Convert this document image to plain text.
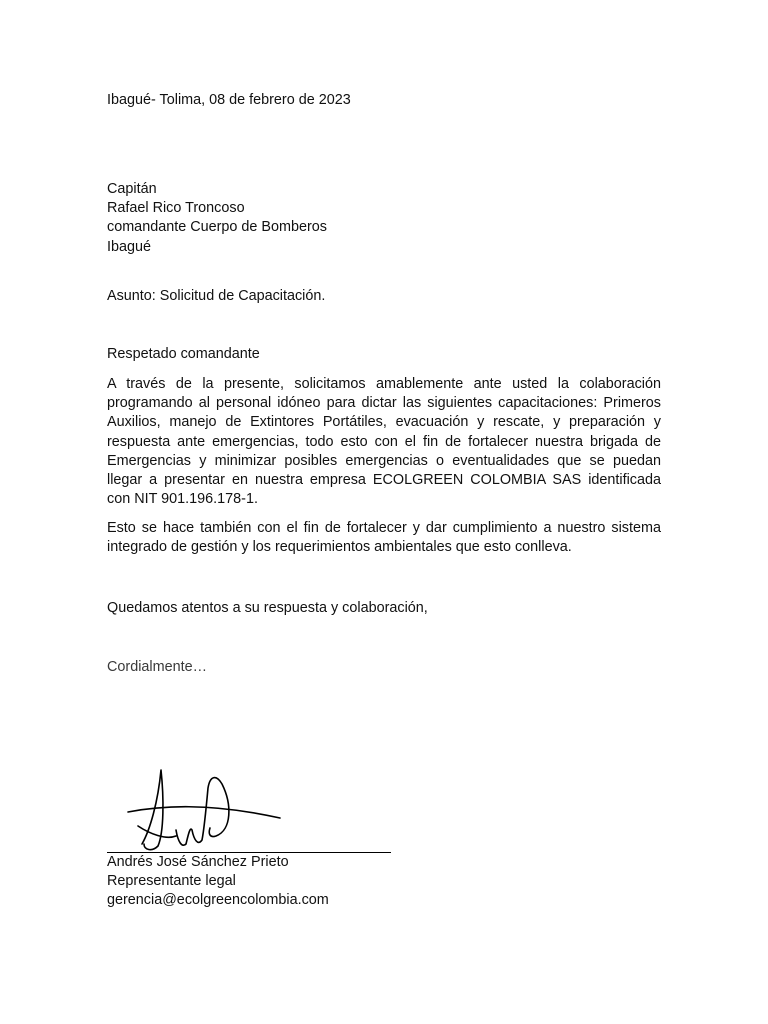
Ibagué- Tolima, 08 de febrero de 2023
Capitán
Rafael Rico Troncoso
comandante Cuerpo de Bomberos
Ibagué
Asunto: Solicitud de Capacitación.
Respetado comandante

A través de la presente, solicitamos amablemente ante usted la colaboración programando al personal idóneo para dictar las siguientes capacitaciones: Primeros Auxilios, manejo de Extintores Portátiles, evacuación y rescate, y preparación y respuesta ante emergencias, todo esto con el fin de fortalecer nuestra brigada de Emergencias y minimizar posibles emergencias o eventualidades que se puedan llegar a presentar en nuestra empresa ECOLGREEN COLOMBIA SAS identificada con NIT 901.196.178-1.

Esto se hace también con el fin de fortalecer y dar cumplimiento a nuestro sistema integrado de gestión y los requerimientos ambientales que esto conlleva.

Quedamos atentos a su respuesta y colaboración,
Cordialmente…
Andrés José Sánchez Prieto
Representante legal
gerencia@ecolgreencolombia.com
